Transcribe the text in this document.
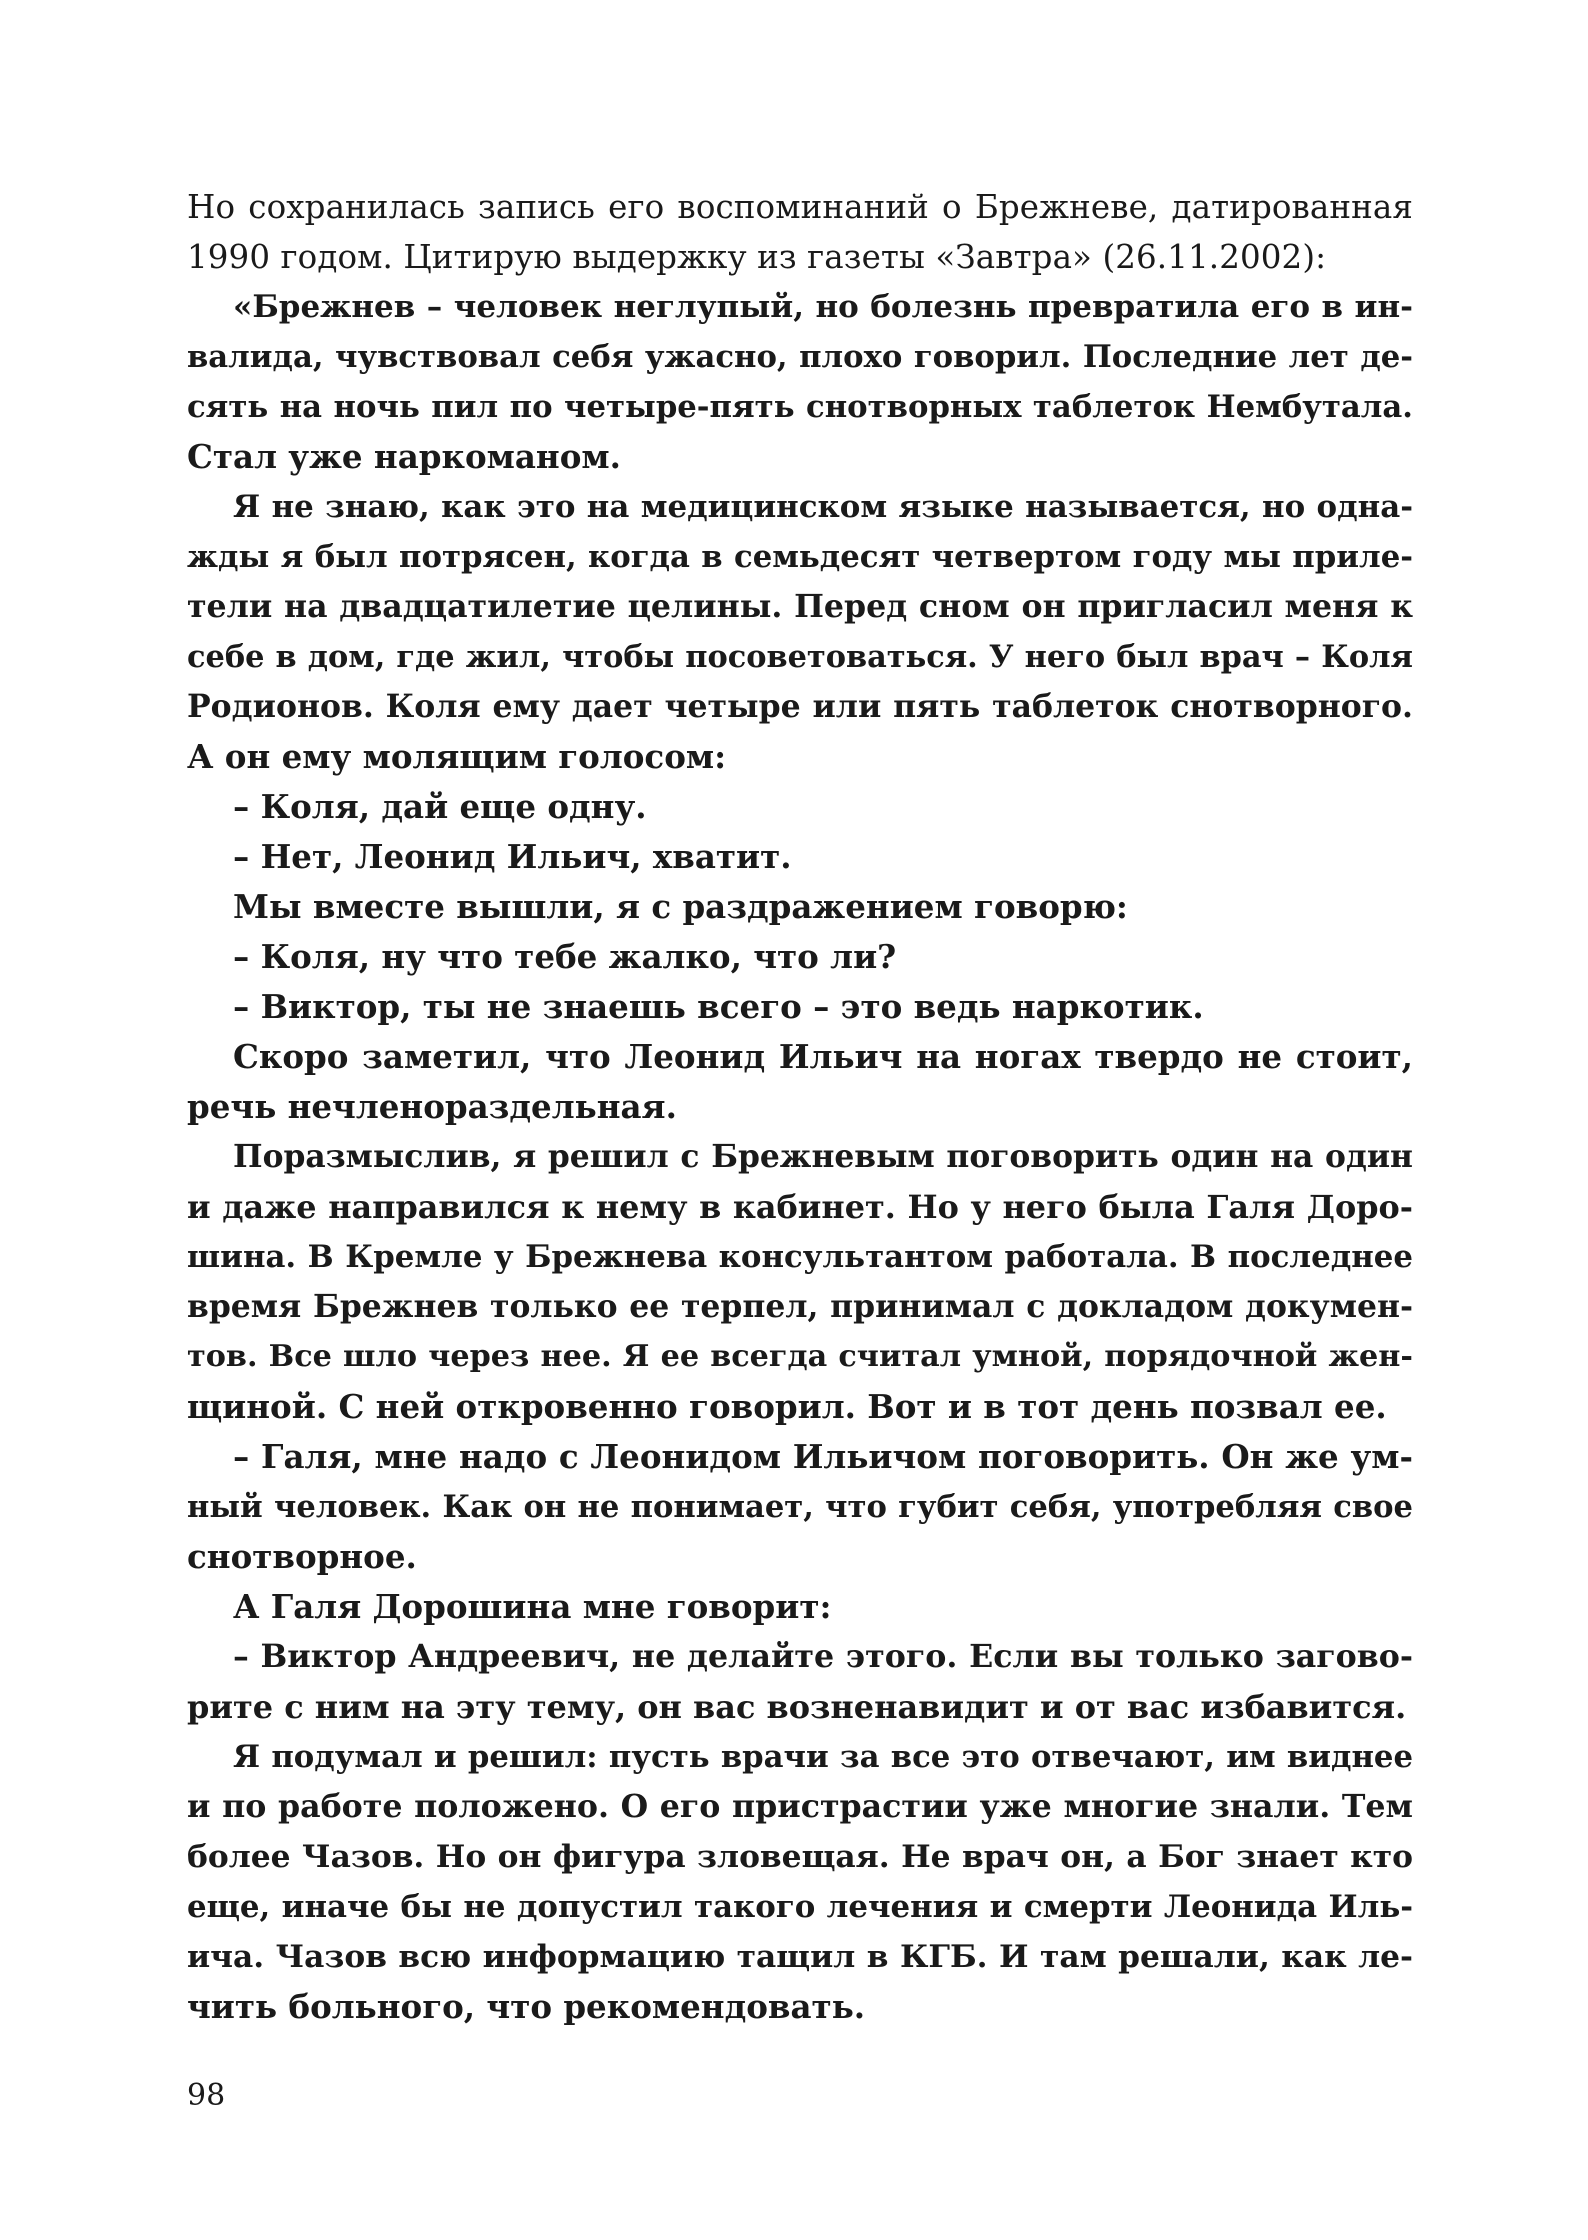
Но сохранилась запись его воспоминаний о Брежневе, датированная
1990 годом. Цитирую выдержку из газеты «Завтра» (26.11.2002):
«Брежнев – человек неглупый, но болезнь превратила его в ин-
валида, чувствовал себя ужасно, плохо говорил. Последние лет де-
сять на ночь пил по четыре-пять снотворных таблеток Нембутала.
Стал уже наркоманом.
Я не знаю, как это на медицинском языке называется, но одна-
жды я был потрясен, когда в семьдесят четвертом году мы приле-
тели на двадцатилетие целины. Перед сном он пригласил меня к
себе в дом, где жил, чтобы посоветоваться. У него был врач – Коля
Родионов. Коля ему дает четыре или пять таблеток снотворного.
А он ему молящим голосом:
– Коля, дай еще одну.
– Нет, Леонид Ильич, хватит.
Мы вместе вышли, я с раздражением говорю:
– Коля, ну что тебе жалко, что ли?
– Виктор, ты не знаешь всего – это ведь наркотик.
Скоро заметил, что Леонид Ильич на ногах твердо не стоит,
речь нечленораздельная.
Поразмыслив, я решил с Брежневым поговорить один на один
и даже направился к нему в кабинет. Но у него была Галя Доро-
шина. В Кремле у Брежнева консультантом работала. В последнее
время Брежнев только ее терпел, принимал с докладом докумен-
тов. Все шло через нее. Я ее всегда считал умной, порядочной жен-
щиной. С ней откровенно говорил. Вот и в тот день позвал ее.
– Галя, мне надо с Леонидом Ильичом поговорить. Он же ум-
ный человек. Как он не понимает, что губит себя, употребляя свое
снотворное.
А Галя Дорошина мне говорит:
– Виктор Андреевич, не делайте этого. Если вы только загово-
рите с ним на эту тему, он вас возненавидит и от вас избавится.
Я подумал и решил: пусть врачи за все это отвечают, им виднее
и по работе положено. О его пристрастии уже многие знали. Тем
более Чазов. Но он фигура зловещая. Не врач он, а Бог знает кто
еще, иначе бы не допустил такого лечения и смерти Леонида Иль-
ича. Чазов всю информацию тащил в КГБ. И там решали, как ле-
чить больного, что рекомендовать.
98
